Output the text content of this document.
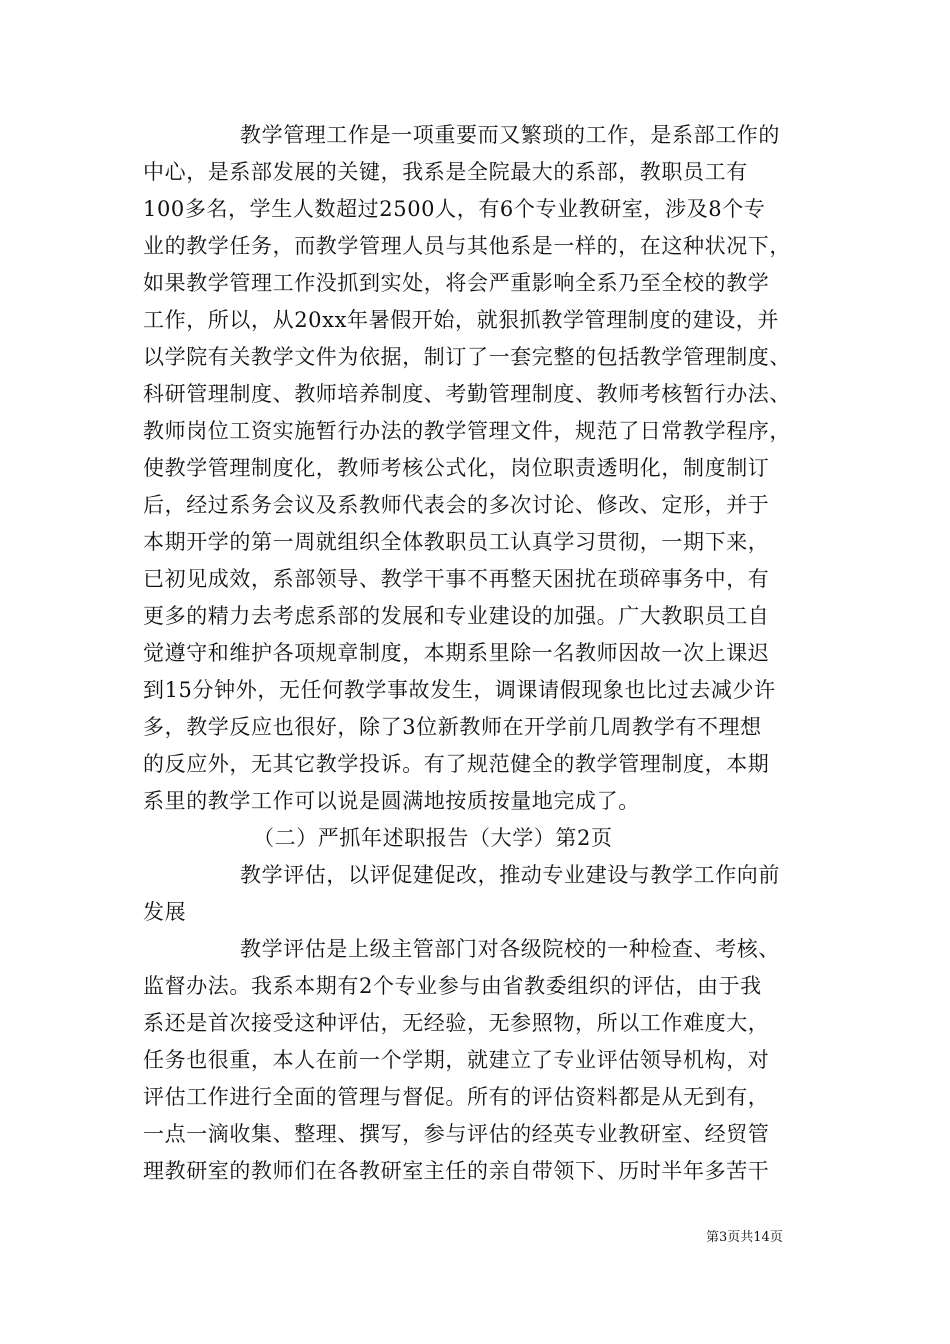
教学管理工作是一项重要而又繁琐的工作，是系部工作的
中心，是系部发展的关键，我系是全院最大的系部，教职员工有
100多名，学生人数超过2500人，有6个专业教研室，涉及8个专
业的教学任务，而教学管理人员与其他系是一样的，在这种状况下，
如果教学管理工作没抓到实处，将会严重影响全系乃至全校的教学
工作，所以，从20xx年暑假开始，就狠抓教学管理制度的建设，并
以学院有关教学文件为依据，制订了一套完整的包括教学管理制度、
科研管理制度、教师培养制度、考勤管理制度、教师考核暂行办法、
教师岗位工资实施暂行办法的教学管理文件，规范了日常教学程序，
使教学管理制度化，教师考核公式化，岗位职责透明化，制度制订
后，经过系务会议及系教师代表会的多次讨论、修改、定形，并于
本期开学的第一周就组织全体教职员工认真学习贯彻，一期下来，
已初见成效，系部领导、教学干事不再整天困扰在琐碎事务中，有
更多的精力去考虑系部的发展和专业建设的加强。广大教职员工自
觉遵守和维护各项规章制度，本期系里除一名教师因故一次上课迟
到15分钟外，无任何教学事故发生，调课请假现象也比过去减少许
多，教学反应也很好，除了3位新教师在开学前几周教学有不理想
的反应外，无其它教学投诉。有了规范健全的教学管理制度，本期
系里的教学工作可以说是圆满地按质按量地完成了。
（二）严抓年述职报告（大学）第2页
教学评估，以评促建促改，推动专业建设与教学工作向前
发展
教学评估是上级主管部门对各级院校的一种检查、考核、
监督办法。我系本期有2个专业参与由省教委组织的评估，由于我
系还是首次接受这种评估，无经验，无参照物，所以工作难度大，
任务也很重，本人在前一个学期，就建立了专业评估领导机构，对
评估工作进行全面的管理与督促。所有的评估资料都是从无到有，
一点一滴收集、整理、撰写，参与评估的经英专业教研室、经贸管
理教研室的教师们在各教研室主任的亲自带领下、历时半年多苦干
第3页共14页
